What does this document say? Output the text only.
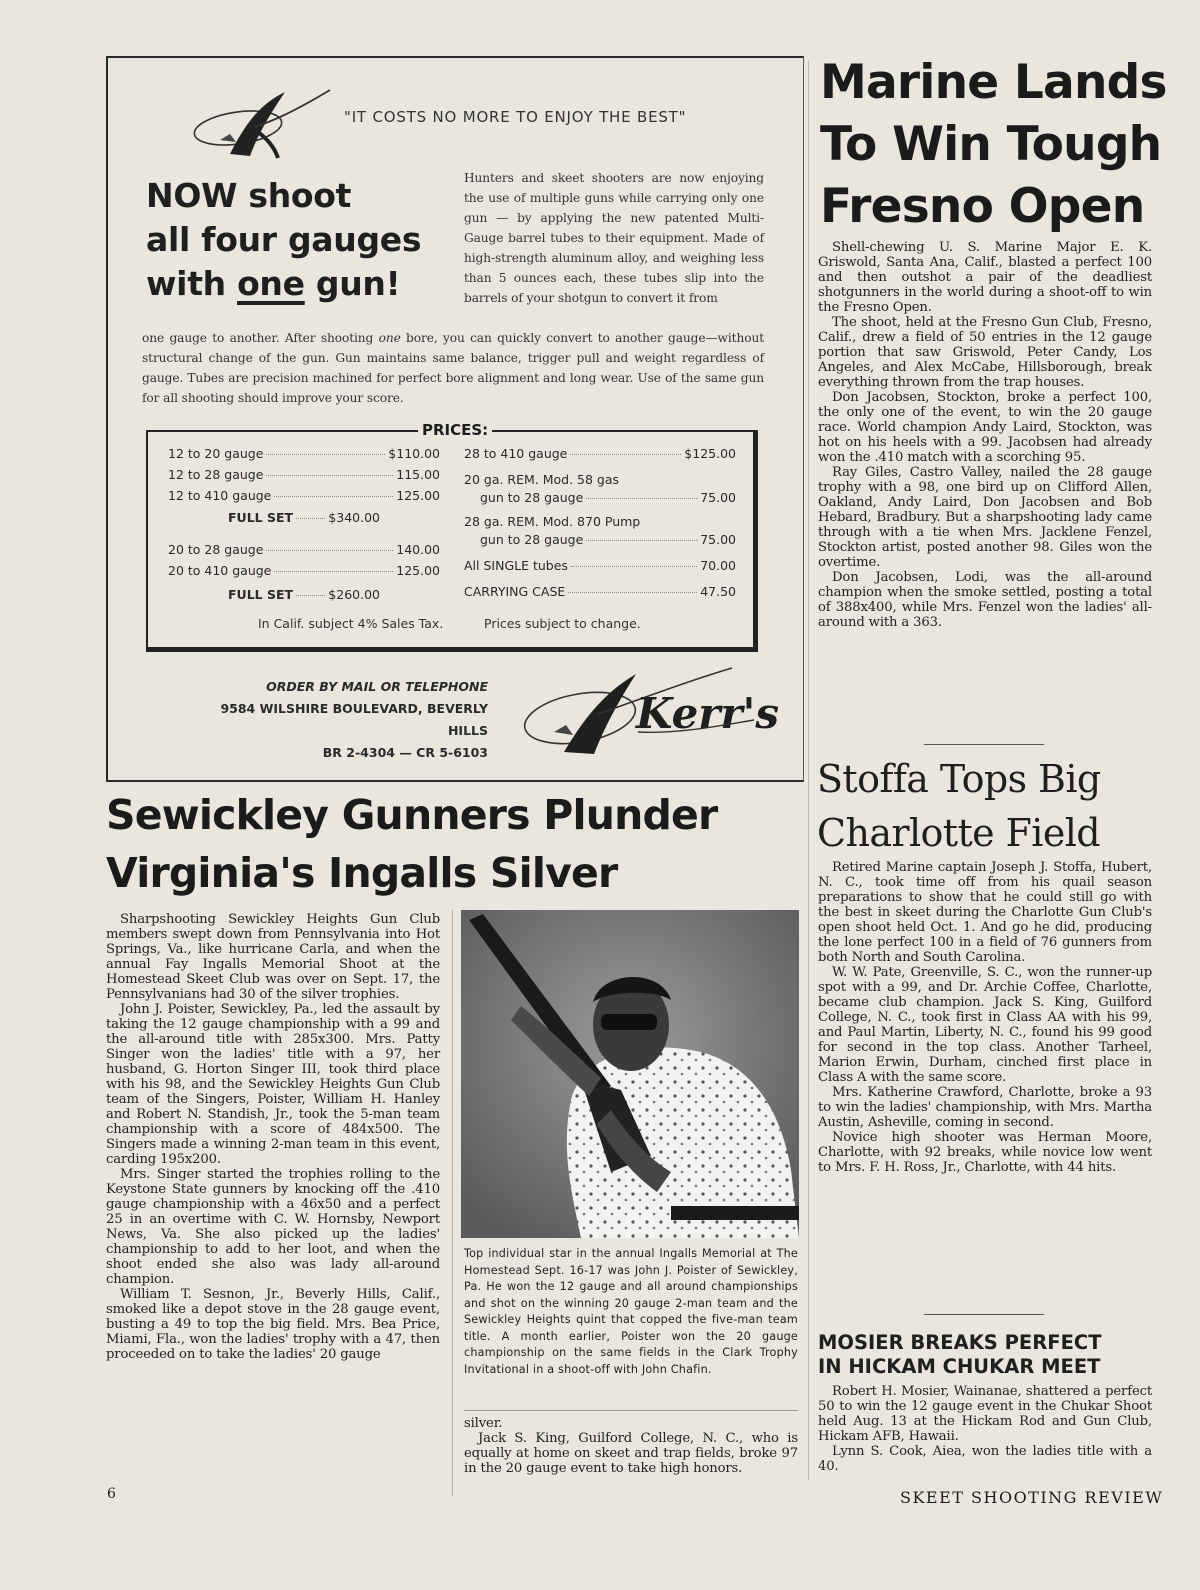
"IT COSTS NO MORE TO ENJOY THE BEST"
NOW shoot
all four gauges
with one gun!
Hunters and skeet shooters are now enjoying the use of multiple guns while carrying only one gun — by applying the new patented Multi-Gauge barrel tubes to their equipment. Made of high-strength aluminum alloy, and weighing less than 5 ounces each, these tubes slip into the barrels of your shotgun to convert it from
one gauge to another. After shooting one bore, you can quickly convert to another gauge—without structural change of the gun. Gun maintains same balance, trigger pull and weight regardless of gauge. Tubes are precision machined for perfect bore alignment and long wear. Use of the same gun for all shooting should improve your score.
PRICES:
12 to 20 gauge	$110.00
12 to 28 gauge	115.00
12 to 410 gauge	125.00
FULL SET	$340.00
20 to 28 gauge	140.00
20 to 410 gauge	125.00
FULL SET	$260.00
28 to 410 gauge	$125.00
20 ga. REM. Mod. 58 gas
gun to 28 gauge	75.00
28 ga. REM. Mod. 870 Pump
gun to 28 gauge	75.00
All SINGLE tubes	70.00
CARRYING CASE	47.50
In Calif. subject 4% Sales Tax.	Prices subject to change.
ORDER BY MAIL OR TELEPHONE
9584 WILSHIRE BOULEVARD, BEVERLY HILLS
BR 2-4304 — CR 5-6103
Kerr's
Marine Lands
To Win Tough
Fresno Open

Shell-chewing U. S. Marine Major E. K. Griswold, Santa Ana, Calif., blasted a perfect 100 and then outshot a pair of the deadliest shotgunners in the world during a shoot-off to win the Fresno Open.

The shoot, held at the Fresno Gun Club, Fresno, Calif., drew a field of 50 entries in the 12 gauge portion that saw Griswold, Peter Candy, Los Angeles, and Alex McCabe, Hillsborough, break everything thrown from the trap houses.

Don Jacobsen, Stockton, broke a perfect 100, the only one of the event, to win the 20 gauge race. World champion Andy Laird, Stockton, was hot on his heels with a 99. Jacobsen had already won the .410 match with a scorching 95.

Ray Giles, Castro Valley, nailed the 28 gauge trophy with a 98, one bird up on Clifford Allen, Oakland, Andy Laird, Don Jacobsen and Bob Hebard, Bradbury. But a sharpshooting lady came through with a tie when Mrs. Jacklene Fenzel, Stockton artist, posted another 98. Giles won the overtime.

Don Jacobsen, Lodi, was the all-around champion when the smoke settled, posting a total of 388x400, while Mrs. Fenzel won the ladies' all-around with a 363.

Stoffa Tops Big
Charlotte Field

Retired Marine captain Joseph J. Stoffa, Hubert, N. C., took time off from his quail season preparations to show that he could still go with the best in skeet during the Charlotte Gun Club's open shoot held Oct. 1. And go he did, producing the lone perfect 100 in a field of 76 gunners from both North and South Carolina.

W. W. Pate, Greenville, S. C., won the runner-up spot with a 99, and Dr. Archie Coffee, Charlotte, became club champion. Jack S. King, Guilford College, N. C., took first in Class AA with his 99, and Paul Martin, Liberty, N. C., found his 99 good for second in the top class. Another Tarheel, Marion Erwin, Durham, cinched first place in Class A with the same score.

Mrs. Katherine Crawford, Charlotte, broke a 93 to win the ladies' championship, with Mrs. Martha Austin, Asheville, coming in second.

Novice high shooter was Herman Moore, Charlotte, with 92 breaks, while novice low went to Mrs. F. H. Ross, Jr., Charlotte, with 44 hits.

MOSIER BREAKS PERFECT
IN HICKAM CHUKAR MEET

Robert H. Mosier, Wainanae, shattered a perfect 50 to win the 12 gauge event in the Chukar Shoot held Aug. 13 at the Hickam Rod and Gun Club, Hickam AFB, Hawaii.

Lynn S. Cook, Aiea, won the ladies title with a 40.

Sewickley Gunners Plunder
Virginia's Ingalls Silver

Sharpshooting Sewickley Heights Gun Club members swept down from Pennsylvania into Hot Springs, Va., like hurricane Carla, and when the annual Fay Ingalls Memorial Shoot at the Homestead Skeet Club was over on Sept. 17, the Pennsylvanians had 30 of the silver trophies.

John J. Poister, Sewickley, Pa., led the assault by taking the 12 gauge championship with a 99 and the all-around title with 285x300. Mrs. Patty Singer won the ladies' title with a 97, her husband, G. Horton Singer III, took third place with his 98, and the Sewickley Heights Gun Club team of the Singers, Poister, William H. Hanley and Robert N. Standish, Jr., took the 5-man team championship with a score of 484x500. The Singers made a winning 2-man team in this event, carding 195x200.

Mrs. Singer started the trophies rolling to the Keystone State gunners by knocking off the .410 gauge championship with a 46x50 and a perfect 25 in an overtime with C. W. Hornsby, Newport News, Va. She also picked up the ladies' championship to add to her loot, and when the shoot ended she also was lady all-around champion.

William T. Sesnon, Jr., Beverly Hills, Calif., smoked like a depot stove in the 28 gauge event, busting a 49 to top the big field. Mrs. Bea Price, Miami, Fla., won the ladies' trophy with a 47, then proceeded on to take the ladies' 20 gauge

Top individual star in the annual Ingalls Memorial at The Homestead Sept. 16-17 was John J. Poister of Sewickley, Pa. He won the 12 gauge and all around championships and shot on the winning 20 gauge 2-man team and the Sewickley Heights quint that copped the five-man team title. A month earlier, Poister won the 20 gauge championship on the same fields in the Clark Trophy Invitational in a shoot-off with John Chafin.
silver.

Jack S. King, Guilford College, N. C., who is equally at home on skeet and trap fields, broke 97 in the 20 gauge event to take high honors.

6	SKEET SHOOTING REVIEW
